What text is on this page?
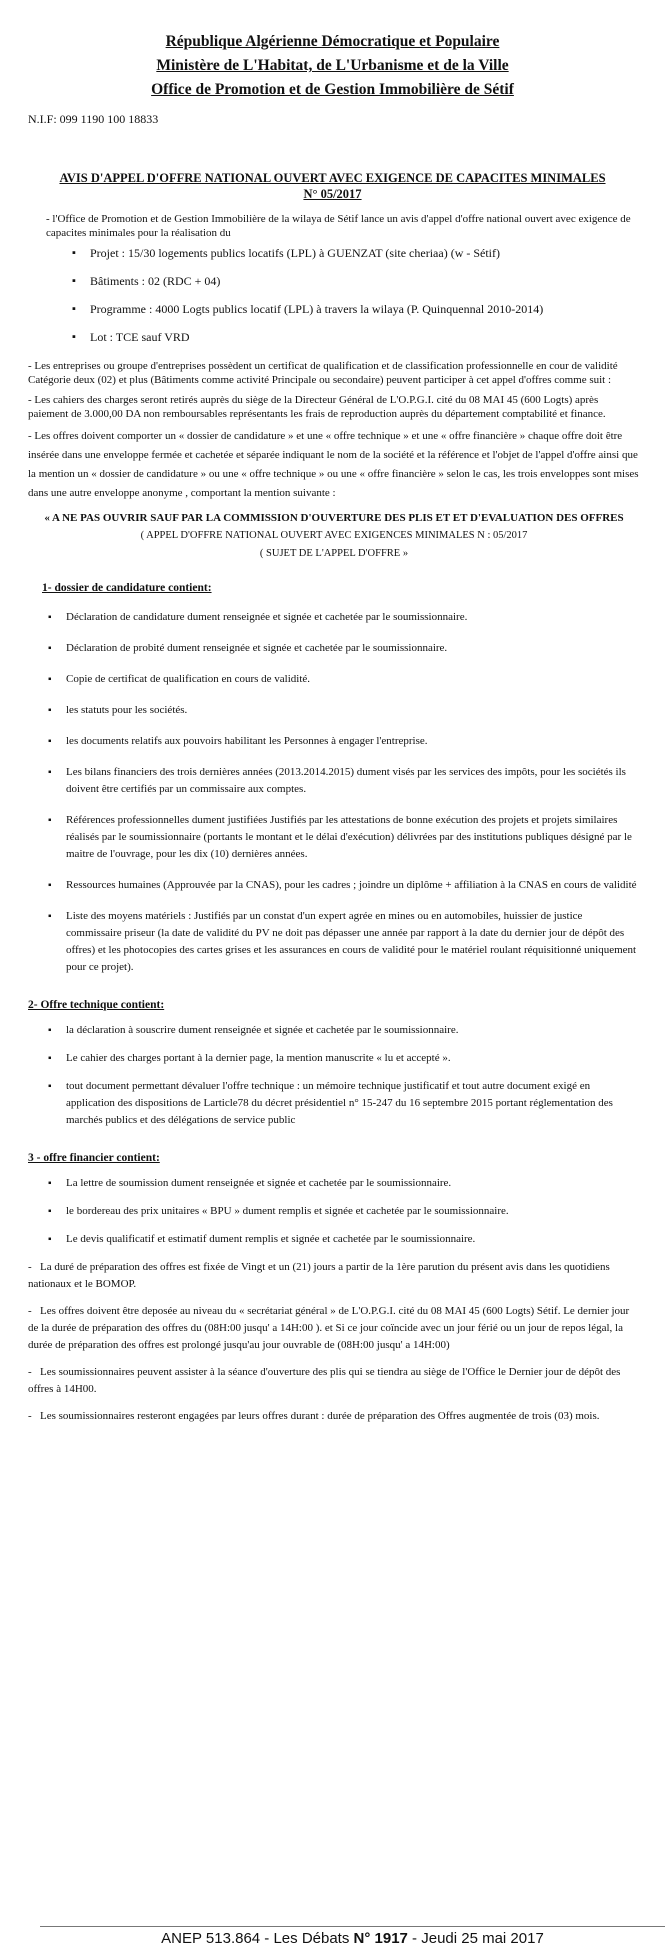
République Algérienne Démocratique et Populaire
Ministère de L'Habitat, de L'Urbanisme et de la Ville
Office de Promotion et de Gestion Immobilière de Sétif
N.I.F: 099 1190 100 18833
AVIS D'APPEL D'OFFRE NATIONAL OUVERT AVEC EXIGENCE DE CAPACITES MINIMALES
N° 05/2017
- l'Office de Promotion et de Gestion Immobilière de la wilaya de Sétif lance un avis d'appel d'offre national ouvert avec exigence de capacites minimales pour la réalisation du
▪ Projet : 15/30 logements publics locatifs (LPL) à GUENZAT (site cheriaa) (w - Sétif)
▪ Bâtiments : 02 (RDC + 04)
▪ Programme : 4000 Logts publics locatif (LPL) à travers la wilaya (P. Quinquennal 2010-2014)
▪ Lot : TCE sauf VRD
- Les entreprises ou groupe d'entreprises possèdent un certificat de qualification et de classification professionnelle en cour de validité Catégorie deux (02) et plus (Bâtiments comme activité Principale ou secondaire) peuvent participer à cet appel d'offres comme suit :
- Les cahiers des charges seront retirés auprès du siège de la Directeur Général de L'O.P.G.I. cité du 08 MAI 45 (600 Logts) après paiement de 3.000,00 DA non remboursables représentants les frais de reproduction auprès du département comptabilité et finance.
- Les offres doivent comporter un « dossier de candidature » et une « offre technique » et une « offre financière » chaque offre doit être insérée dans une enveloppe fermée et cachetée et séparée indiquant le nom de la société et la référence et l'objet de l'appel d'offre ainsi que la mention un « dossier de candidature » ou une « offre technique » ou une « offre financière » selon le cas, les trois enveloppes sont mises dans une autre enveloppe anonyme , comportant la mention suivante :
« A NE PAS OUVRIR SAUF PAR LA COMMISSION D'OUVERTURE DES PLIS ET ET D'EVALUATION DES OFFRES
( APPEL D'OFFRE NATIONAL OUVERT AVEC EXIGENCES MINIMALES N : 05/2017
( SUJET DE L'APPEL D'OFFRE »
1- dossier de candidature contient:
▪ Déclaration de candidature dument renseignée et signée et cachetée par le soumissionnaire.
▪ Déclaration de probité dument renseignée et signée et cachetée par le soumissionnaire.
▪ Copie de certificat de qualification en cours de validité.
▪ les statuts pour les sociétés.
▪ les documents relatifs aux pouvoirs habilitant les Personnes à engager l'entreprise.
▪ Les bilans financiers des trois dernières années (2013.2014.2015) dument visés par les services des impôts, pour les sociétés ils doivent être certifiés par un commissaire aux comptes.
▪ Références professionnelles dument justifiées Justifiés par les attestations de bonne exécution des projets et projets similaires réalisés par le soumissionnaire (portants le montant et le délai d'exécution) délivrées par des institutions publiques désigné par le maitre de l'ouvrage, pour les dix (10) dernières années.
▪ Ressources humaines (Approuvée par la CNAS), pour les cadres ; joindre un diplôme + affiliation à la CNAS en cours de validité
▪ Liste des moyens matériels : Justifiés par un constat d'un expert agrée en mines ou en automobiles, huissier de justice commissaire priseur (la date de validité du PV ne doit pas dépasser une année par rapport à la date du dernier jour de dépôt des offres) et les photocopies des cartes grises et les assurances en cours de validité pour le matériel roulant réquisitionné uniquement pour ce projet).
2- Offre technique contient:
▪ la déclaration à souscrire dument renseignée et signée et cachetée par le soumissionnaire.
▪ Le cahier des charges portant à la dernier page, la mention manuscrite « lu et accepté ».
▪ tout document permettant dévaluer l'offre technique : un mémoire technique justificatif et tout autre document exigé en application des dispositions de Larticle78 du décret présidentiel n° 15-247 du 16 septembre 2015 portant réglementation des marchés publics et des délégations de service public
3 - offre financier contient:
▪ La lettre de soumission dument renseignée et signée et cachetée par le soumissionnaire.
▪ le bordereau des prix unitaires « BPU » dument remplis et signée et cachetée par le soumissionnaire.
▪ Le devis qualificatif et estimatif dument remplis et signée et cachetée par le soumissionnaire.
- La duré de préparation des offres est fixée de Vingt et un (21) jours a partir de la 1ère parution du présent avis dans les quotidiens nationaux et le BOMOP.
- Les offres doivent être deposée au niveau du « secrétariat général » de L'O.P.G.I. cité du 08 MAI 45 (600 Logts) Sétif. Le dernier jour de la durée de préparation des offres du (08H:00 jusqu' a 14H:00 ). et Si ce jour coïncide avec un jour férié ou un jour de repos légal, la durée de préparation des offres est prolongé jusqu'au jour ouvrable de (08H:00 jusqu' a 14H:00)
- Les soumissionnaires peuvent assister à la séance d'ouverture des plis qui se tiendra au siège de l'Office le Dernier jour de dépôt des offres à 14H00.
- Les soumissionnaires resteront engagées par leurs offres durant : durée de préparation des Offres augmentée de trois (03) mois.
ANEP 513.864 - Les Débats N° 1917 - Jeudi 25 mai 2017
